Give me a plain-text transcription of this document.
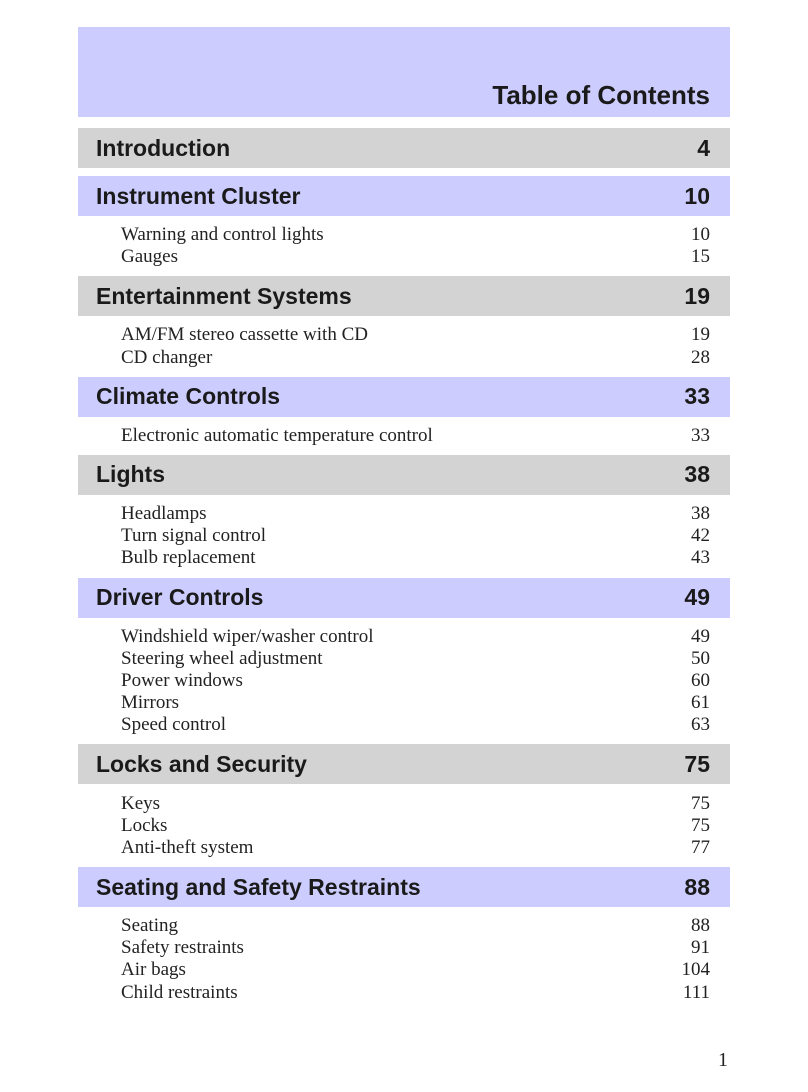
Table of Contents
Introduction	4
Instrument Cluster	10
Warning and control lights	10
Gauges	15
Entertainment Systems	19
AM/FM stereo cassette with CD	19
CD changer	28
Climate Controls	33
Electronic automatic temperature control	33
Lights	38
Headlamps	38
Turn signal control	42
Bulb replacement	43
Driver Controls	49
Windshield wiper/washer control	49
Steering wheel adjustment	50
Power windows	60
Mirrors	61
Speed control	63
Locks and Security	75
Keys	75
Locks	75
Anti-theft system	77
Seating and Safety Restraints	88
Seating	88
Safety restraints	91
Air bags	104
Child restraints	111
1
